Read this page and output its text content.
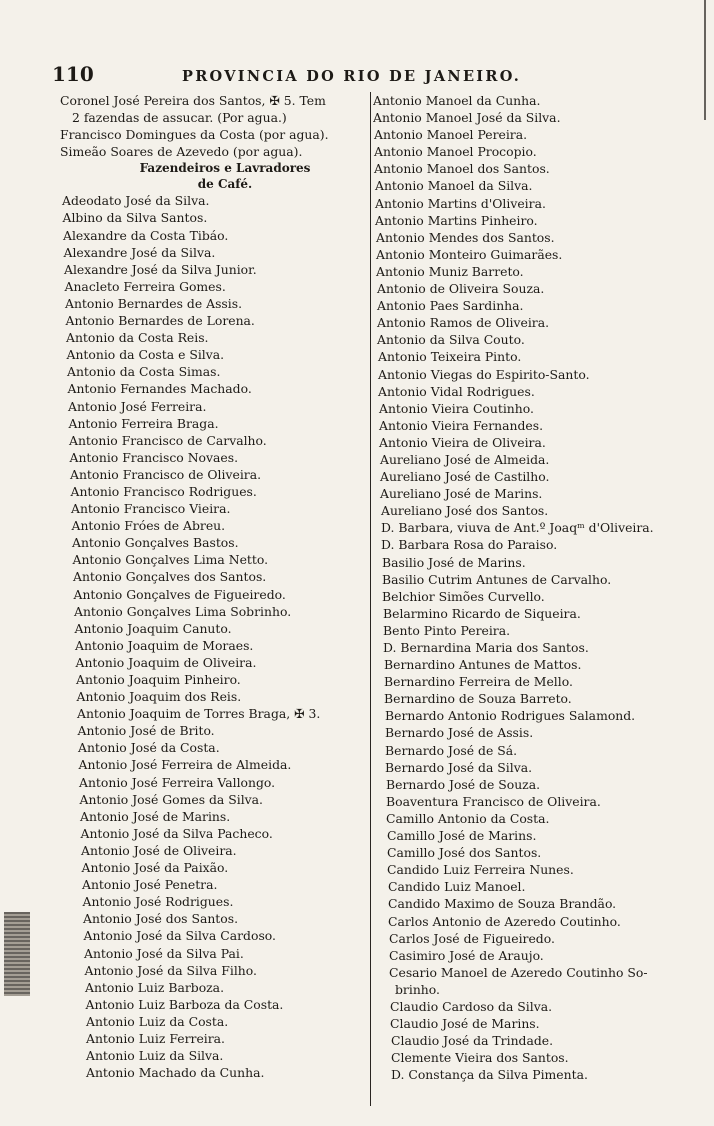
110	PROVINCIA DO RIO DE JANEIRO.
Coronel José Pereira dos Santos, ✠ 5. Tem
2 fazendas de assucar. (Por agua.)
Francisco Domingues da Costa (por agua).
Simeão Soares de Azevedo (por agua).
Fazendeiros e Lavradores
de Café.
Adeodato José da Silva.
Albino da Silva Santos.
Alexandre da Costa Tibáo.
Alexandre José da Silva.
Alexandre José da Silva Junior.
Anacleto Ferreira Gomes.
Antonio Bernardes de Assis.
Antonio Bernardes de Lorena.
Antonio da Costa Reis.
Antonio da Costa e Silva.
Antonio da Costa Simas.
Antonio Fernandes Machado.
Antonio José Ferreira.
Antonio Ferreira Braga.
Antonio Francisco de Carvalho.
Antonio Francisco Novaes.
Antonio Francisco de Oliveira.
Antonio Francisco Rodrigues.
Antonio Francisco Vieira.
Antonio Fróes de Abreu.
Antonio Gonçalves Bastos.
Antonio Gonçalves Lima Netto.
Antonio Gonçalves dos Santos.
Antonio Gonçalves de Figueiredo.
Antonio Gonçalves Lima Sobrinho.
Antonio Joaquim Canuto.
Antonio Joaquim de Moraes.
Antonio Joaquim de Oliveira.
Antonio Joaquim Pinheiro.
Antonio Joaquim dos Reis.
Antonio Joaquim de Torres Braga, ✠ 3.
Antonio José de Brito.
Antonio José da Costa.
Antonio José Ferreira de Almeida.
Antonio José Ferreira Vallongo.
Antonio José Gomes da Silva.
Antonio José de Marins.
Antonio José da Silva Pacheco.
Antonio José de Oliveira.
Antonio José da Paixão.
Antonio José Penetra.
Antonio José Rodrigues.
Antonio José dos Santos.
Antonio José da Silva Cardoso.
Antonio José da Silva Pai.
Antonio José da Silva Filho.
Antonio Luiz Barboza.
Antonio Luiz Barboza da Costa.
Antonio Luiz da Costa.
Antonio Luiz Ferreira.
Antonio Luiz da Silva.
Antonio Machado da Cunha.
Antonio Manoel da Cunha.
Antonio Manoel José da Silva.
Antonio Manoel Pereira.
Antonio Manoel Procopio.
Antonio Manoel dos Santos.
Antonio Manoel da Silva.
Antonio Martins d'Oliveira.
Antonio Martins Pinheiro.
Antonio Mendes dos Santos.
Antonio Monteiro Guimarães.
Antonio Muniz Barreto.
Antonio de Oliveira Souza.
Antonio Paes Sardinha.
Antonio Ramos de Oliveira.
Antonio da Silva Couto.
Antonio Teixeira Pinto.
Antonio Viegas do Espirito-Santo.
Antonio Vidal Rodrigues.
Antonio Vieira Coutinho.
Antonio Vieira Fernandes.
Antonio Vieira de Oliveira.
Aureliano José de Almeida.
Aureliano José de Castilho.
Aureliano José de Marins.
Aureliano José dos Santos.
D. Barbara, viuva de Ant.º Joaqᵐ d'Oliveira.
D. Barbara Rosa do Paraiso.
Basilio José de Marins.
Basilio Cutrim Antunes de Carvalho.
Belchior Simões Curvello.
Belarmino Ricardo de Siqueira.
Bento Pinto Pereira.
D. Bernardina Maria dos Santos.
Bernardino Antunes de Mattos.
Bernardino Ferreira de Mello.
Bernardino de Souza Barreto.
Bernardo Antonio Rodrigues Salamond.
Bernardo José de Assis.
Bernardo José de Sá.
Bernardo José da Silva.
Bernardo José de Souza.
Boaventura Francisco de Oliveira.
Camillo Antonio da Costa.
Camillo José de Marins.
Camillo José dos Santos.
Candido Luiz Ferreira Nunes.
Candido Luiz Manoel.
Candido Maximo de Souza Brandão.
Carlos Antonio de Azeredo Coutinho.
Carlos José de Figueiredo.
Casimiro José de Araujo.
Cesario Manoel de Azeredo Coutinho So-
brinho.
Claudio Cardoso da Silva.
Claudio José de Marins.
Claudio José da Trindade.
Clemente Vieira dos Santos.
D. Constança da Silva Pimenta.
